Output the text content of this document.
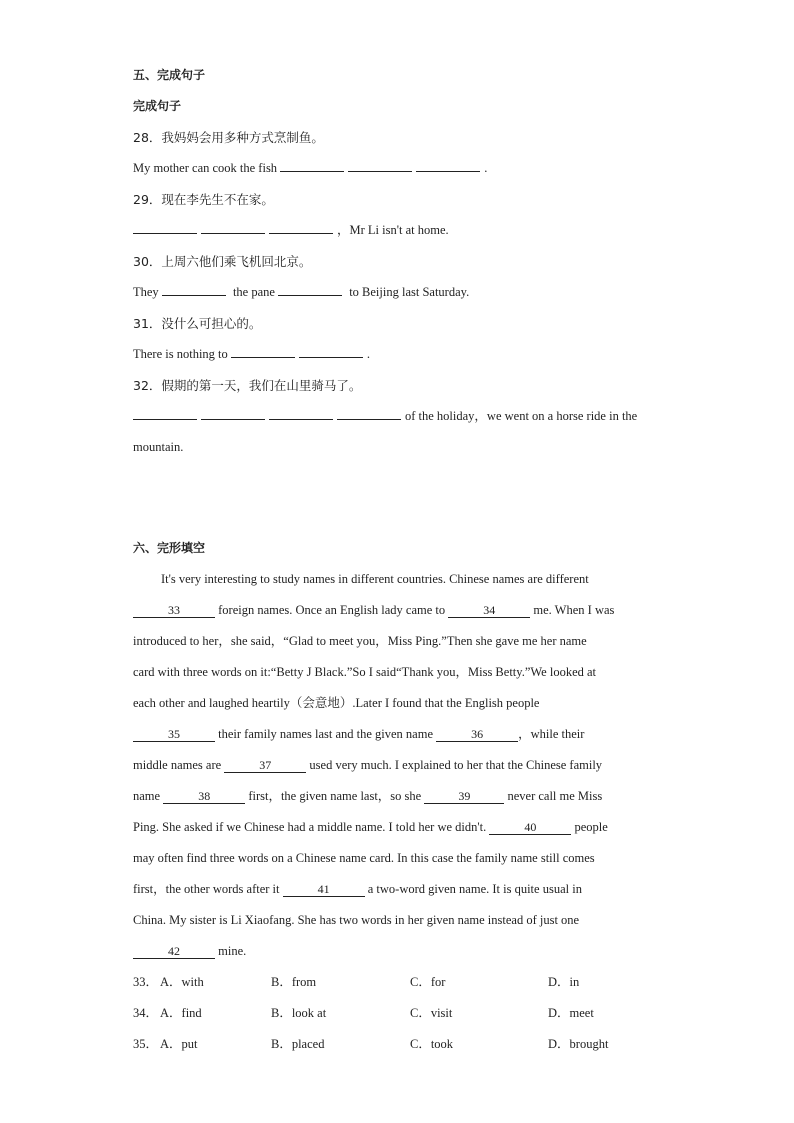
五、完成句子
完成句子
28．我妈妈会用多种方式烹制鱼。
My mother can cook the fish	.
29．现在李先生不在家。
，Mr Li isn't at home.
30．上周六他们乘飞机回北京。
They	the pane	to Beijing last Saturday.
31．没什么可担心的。
There is nothing to	.
32．假期的第一天，我们在山里骑马了。
of the holiday，we went on a horse ride in the
mountain.
六、完形填空
It's very interesting to study names in different countries. Chinese names are different
33	foreign names. Once an English lady came to	34	me. When I was
introduced to her，she said，“Glad to meet you，Miss Ping.”Then she gave me her name
card with three words on it:“Betty J Black.”So I said“Thank you，Miss Betty.”We looked at
each other and laughed heartily（会意地）.Later I found that the English people
35	their family names last and the given name	36	，while their
middle names are	37	used very much. I explained to her that the Chinese family
name	38	first，the given name last，so she	39	never call me Miss
Ping. She asked if we Chinese had a middle name. I told her we didn't.	40	people
may often find three words on a Chinese name card. In this case the family name still comes
first，the other words after it	41	a two-word given name. It is quite usual in
China. My sister is Li Xiaofang. She has two words in her given name instead of just one
42	mine.
33． A．with	B．from	C．for	D．in
34． A．find	B．look at	C．visit	D．meet
35． A．put	B．placed	C．took	D．brought
